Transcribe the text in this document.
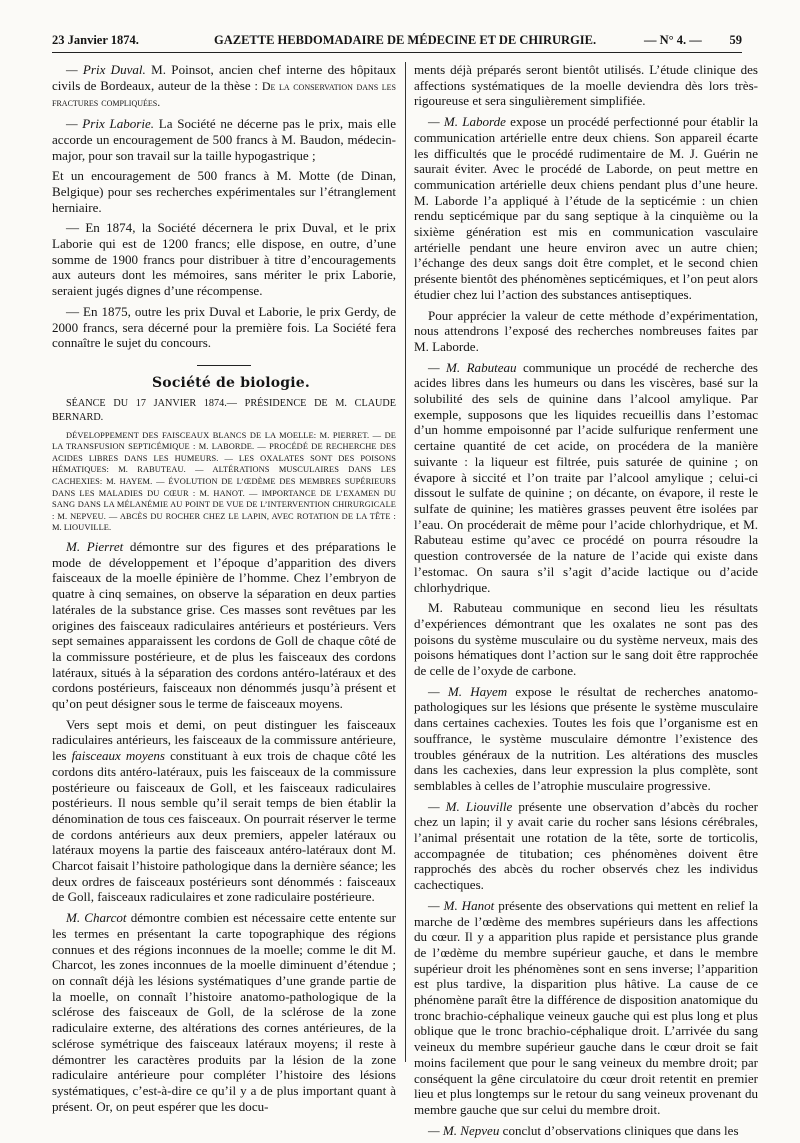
23 Janvier 1874.	GAZETTE HEBDOMADAIRE DE MÉDECINE ET DE CHIRURGIE.	— N° 4. — 59

— Prix Duval. M. Poinsot, ancien chef interne des hôpitaux civils de Bordeaux, auteur de la thèse : De la conservation dans les fractures compliquées.

— Prix Laborie. La Société ne décerne pas le prix, mais elle accorde un encouragement de 500 francs à M. Baudon, médecin-major, pour son travail sur la taille hypogastrique ;

Et un encouragement de 500 francs à M. Motte (de Dinan, Belgique) pour ses recherches expérimentales sur l’étranglement herniaire.

— En 1874, la Société décernera le prix Duval, et le prix Laborie qui est de 1200 francs; elle dispose, en outre, d’une somme de 1900 francs pour distribuer à titre d’encouragements aux auteurs dont les mémoires, sans mériter le prix Laborie, seraient jugés dignes d’une récompense.

— En 1875, outre les prix Duval et Laborie, le prix Gerdy, de 2000 francs, sera décerné pour la première fois. La Société fera connaître le sujet du concours.

Société de biologie.

SÉANCE DU 17 JANVIER 1874.— PRÉSIDENCE DE M. CLAUDE BERNARD.

DÉVELOPPEMENT DES FAISCEAUX BLANCS DE LA MOELLE: M. PIERRET. — DE LA TRANSFUSION SEPTICÉMIQUE : M. LABORDE. — PROCÉDÉ DE RECHERCHE DES ACIDES LIBRES DANS LES HUMEURS. — LES OXALATES SONT DES POISONS HÉMATIQUES: M. RABUTEAU. — ALTÉRATIONS MUSCULAIRES DANS LES CACHEXIES: M. HAYEM. — ÉVOLUTION DE L’ŒDÈME DES MEMBRES SUPÉRIEURS DANS LES MALADIES DU CŒUR : M. HANOT. — IMPORTANCE DE L’EXAMEN DU SANG DANS LA MÉLANÉMIE AU POINT DE VUE DE L’INTERVENTION CHIRURGICALE : M. NEPVEU. — ABCÈS DU ROCHER CHEZ LE LAPIN, AVEC ROTATION DE LA TÊTE : M. LIOUVILLE.

M. Pierret démontre sur des figures et des préparations le mode de développement et l’époque d’apparition des divers faisceaux de la moelle épinière de l’homme. Chez l’embryon de quatre à cinq semaines, on observe la séparation en deux parties latérales de la substance grise. Ces masses sont revêtues par les origines des faisceaux radiculaires antérieurs et postérieurs. Vers sept semaines apparaissent les cordons de Goll de chaque côté de la commissure postérieure, et de plus les faisceaux des cordons latéraux, situés à la séparation des cordons antéro-latéraux et des cordons postérieurs, faisceaux non dénommés jusqu’à présent et qu’on peut désigner sous le terme de faisceaux moyens.

Vers sept mois et demi, on peut distinguer les faisceaux radiculaires antérieurs, les faisceaux de la commissure antérieure, les faisceaux moyens constituant à eux trois de chaque côté les cordons dits antéro-latéraux, puis les faisceaux de la commissure postérieure ou faisceaux de Goll, et les faisceaux radiculaires postérieurs. Il nous semble qu’il serait temps de bien établir la dénomination de tous ces faisceaux. On pourrait réserver le terme de cordons antérieurs aux deux premiers, appeler latéraux ou latéraux moyens la partie des faisceaux antéro-latéraux dont M. Charcot faisait l’histoire pathologique dans la dernière séance; les deux ordres de faisceaux postérieurs sont dénommés : faisceaux de Goll, faisceaux radiculaires et zone radiculaire postérieure.

M. Charcot démontre combien est nécessaire cette entente sur les termes en présentant la carte topographique des régions connues et des régions inconnues de la moelle; comme le dit M. Charcot, les zones inconnues de la moelle diminuent d’étendue ; on connaît déjà les lésions systématiques d’une grande partie de la moelle, on connaît l’histoire anatomo-pathologique de la sclérose des faisceaux de Goll, de la sclérose de la zone radiculaire externe, des altérations des cornes antérieures, de la sclérose symétrique des faisceaux latéraux moyens; il reste à démontrer les caractères produits par la lésion de la zone radiculaire antérieure pour compléter l’histoire des lésions systématiques, c’est-à-dire ce qu’il y a de plus important quant à présent. Or, on peut espérer que les docu-

ments déjà préparés seront bientôt utilisés. L’étude clinique des affections systématiques de la moelle deviendra dès lors très-rigoureuse et sera singulièrement simplifiée.

— M. Laborde expose un procédé perfectionné pour établir la communication artérielle entre deux chiens. Son appareil écarte les difficultés que le procédé rudimentaire de M. J. Guérin ne saurait éviter. Avec le procédé de Laborde, on peut mettre en communication artérielle deux chiens pendant plus d’une heure. M. Laborde l’a appliqué à l’étude de la septicémie : un chien rendu septicémique par du sang septique à la cinquième ou la sixième génération est mis en communication vasculaire artérielle pendant une heure environ avec un autre chien; l’échange des deux sangs doit être complet, et le second chien présente bientôt des phénomènes septicémiques, et l’on peut alors étudier chez lui l’action des substances antiseptiques.

Pour apprécier la valeur de cette méthode d’expérimentation, nous attendrons l’exposé des recherches nombreuses faites par M. Laborde.

— M. Rabuteau communique un procédé de recherche des acides libres dans les humeurs ou dans les viscères, basé sur la solubilité des sels de quinine dans l’alcool amylique. Par exemple, supposons que les liquides recueillis dans l’estomac d’un homme empoisonné par l’acide sulfurique renferment une certaine quantité de cet acide, on procédera de la manière suivante : la liqueur est filtrée, puis saturée de quinine ; on évapore à siccité et l’on traite par l’alcool amylique ; celui-ci dissout le sulfate de quinine ; on décante, on évapore, il reste le sulfate de quinine; les matières grasses peuvent être isolées par l’eau. On procéderait de même pour l’acide chlorhydrique, et M. Rabuteau estime qu’avec ce procédé on pourra résoudre la question controversée de la nature de l’acide qui existe dans l’estomac. On saura s’il s’agit d’acide lactique ou d’acide chlorhydrique.

M. Rabuteau communique en second lieu les résultats d’expériences démontrant que les oxalates ne sont pas des poisons du système musculaire ou du système nerveux, mais des poisons hématiques dont l’action sur le sang doit être rapprochée de celle de l’oxyde de carbone.

— M. Hayem expose le résultat de recherches anatomo-pathologiques sur les lésions que présente le système musculaire dans certaines cachexies. Toutes les fois que l’organisme est en souffrance, le système musculaire démontre l’existence des troubles généraux de la nutrition. Les altérations des muscles dans les cachexies, dans leur expression la plus complète, sont semblables à celles de l’atrophie musculaire progressive.

— M. Liouville présente une observation d’abcès du rocher chez un lapin; il y avait carie du rocher sans lésions cérébrales, l’animal présentait une rotation de la tête, sorte de torticolis, accompagnée de titubation; ces phénomènes doivent être rapprochés des abcès du rocher observés chez les individus cachectiques.

— M. Hanot présente des observations qui mettent en relief la marche de l’œdème des membres supérieurs dans les affections du cœur. Il y a apparition plus rapide et persistance plus grande de l’œdème du membre supérieur gauche, et dans le membre supérieur droit les phénomènes sont en sens inverse; l’apparition est plus tardive, la disparition plus hâtive. La cause de ce phénomène paraît être la différence de disposition anatomique du tronc brachio-céphalique veineux gauche qui est plus long et plus oblique que le tronc brachio-céphalique droit. L’arrivée du sang veineux du membre supérieur gauche dans le cœur droit se fait moins facilement que pour le sang veineux du membre droit; par conséquent la gêne circulatoire du cœur droit retentit en premier lieu et plus longtemps sur le retour du sang veineux provenant du membre gauche que sur celui du membre droit.

— M. Nepveu conclut d’observations cliniques que dans les
